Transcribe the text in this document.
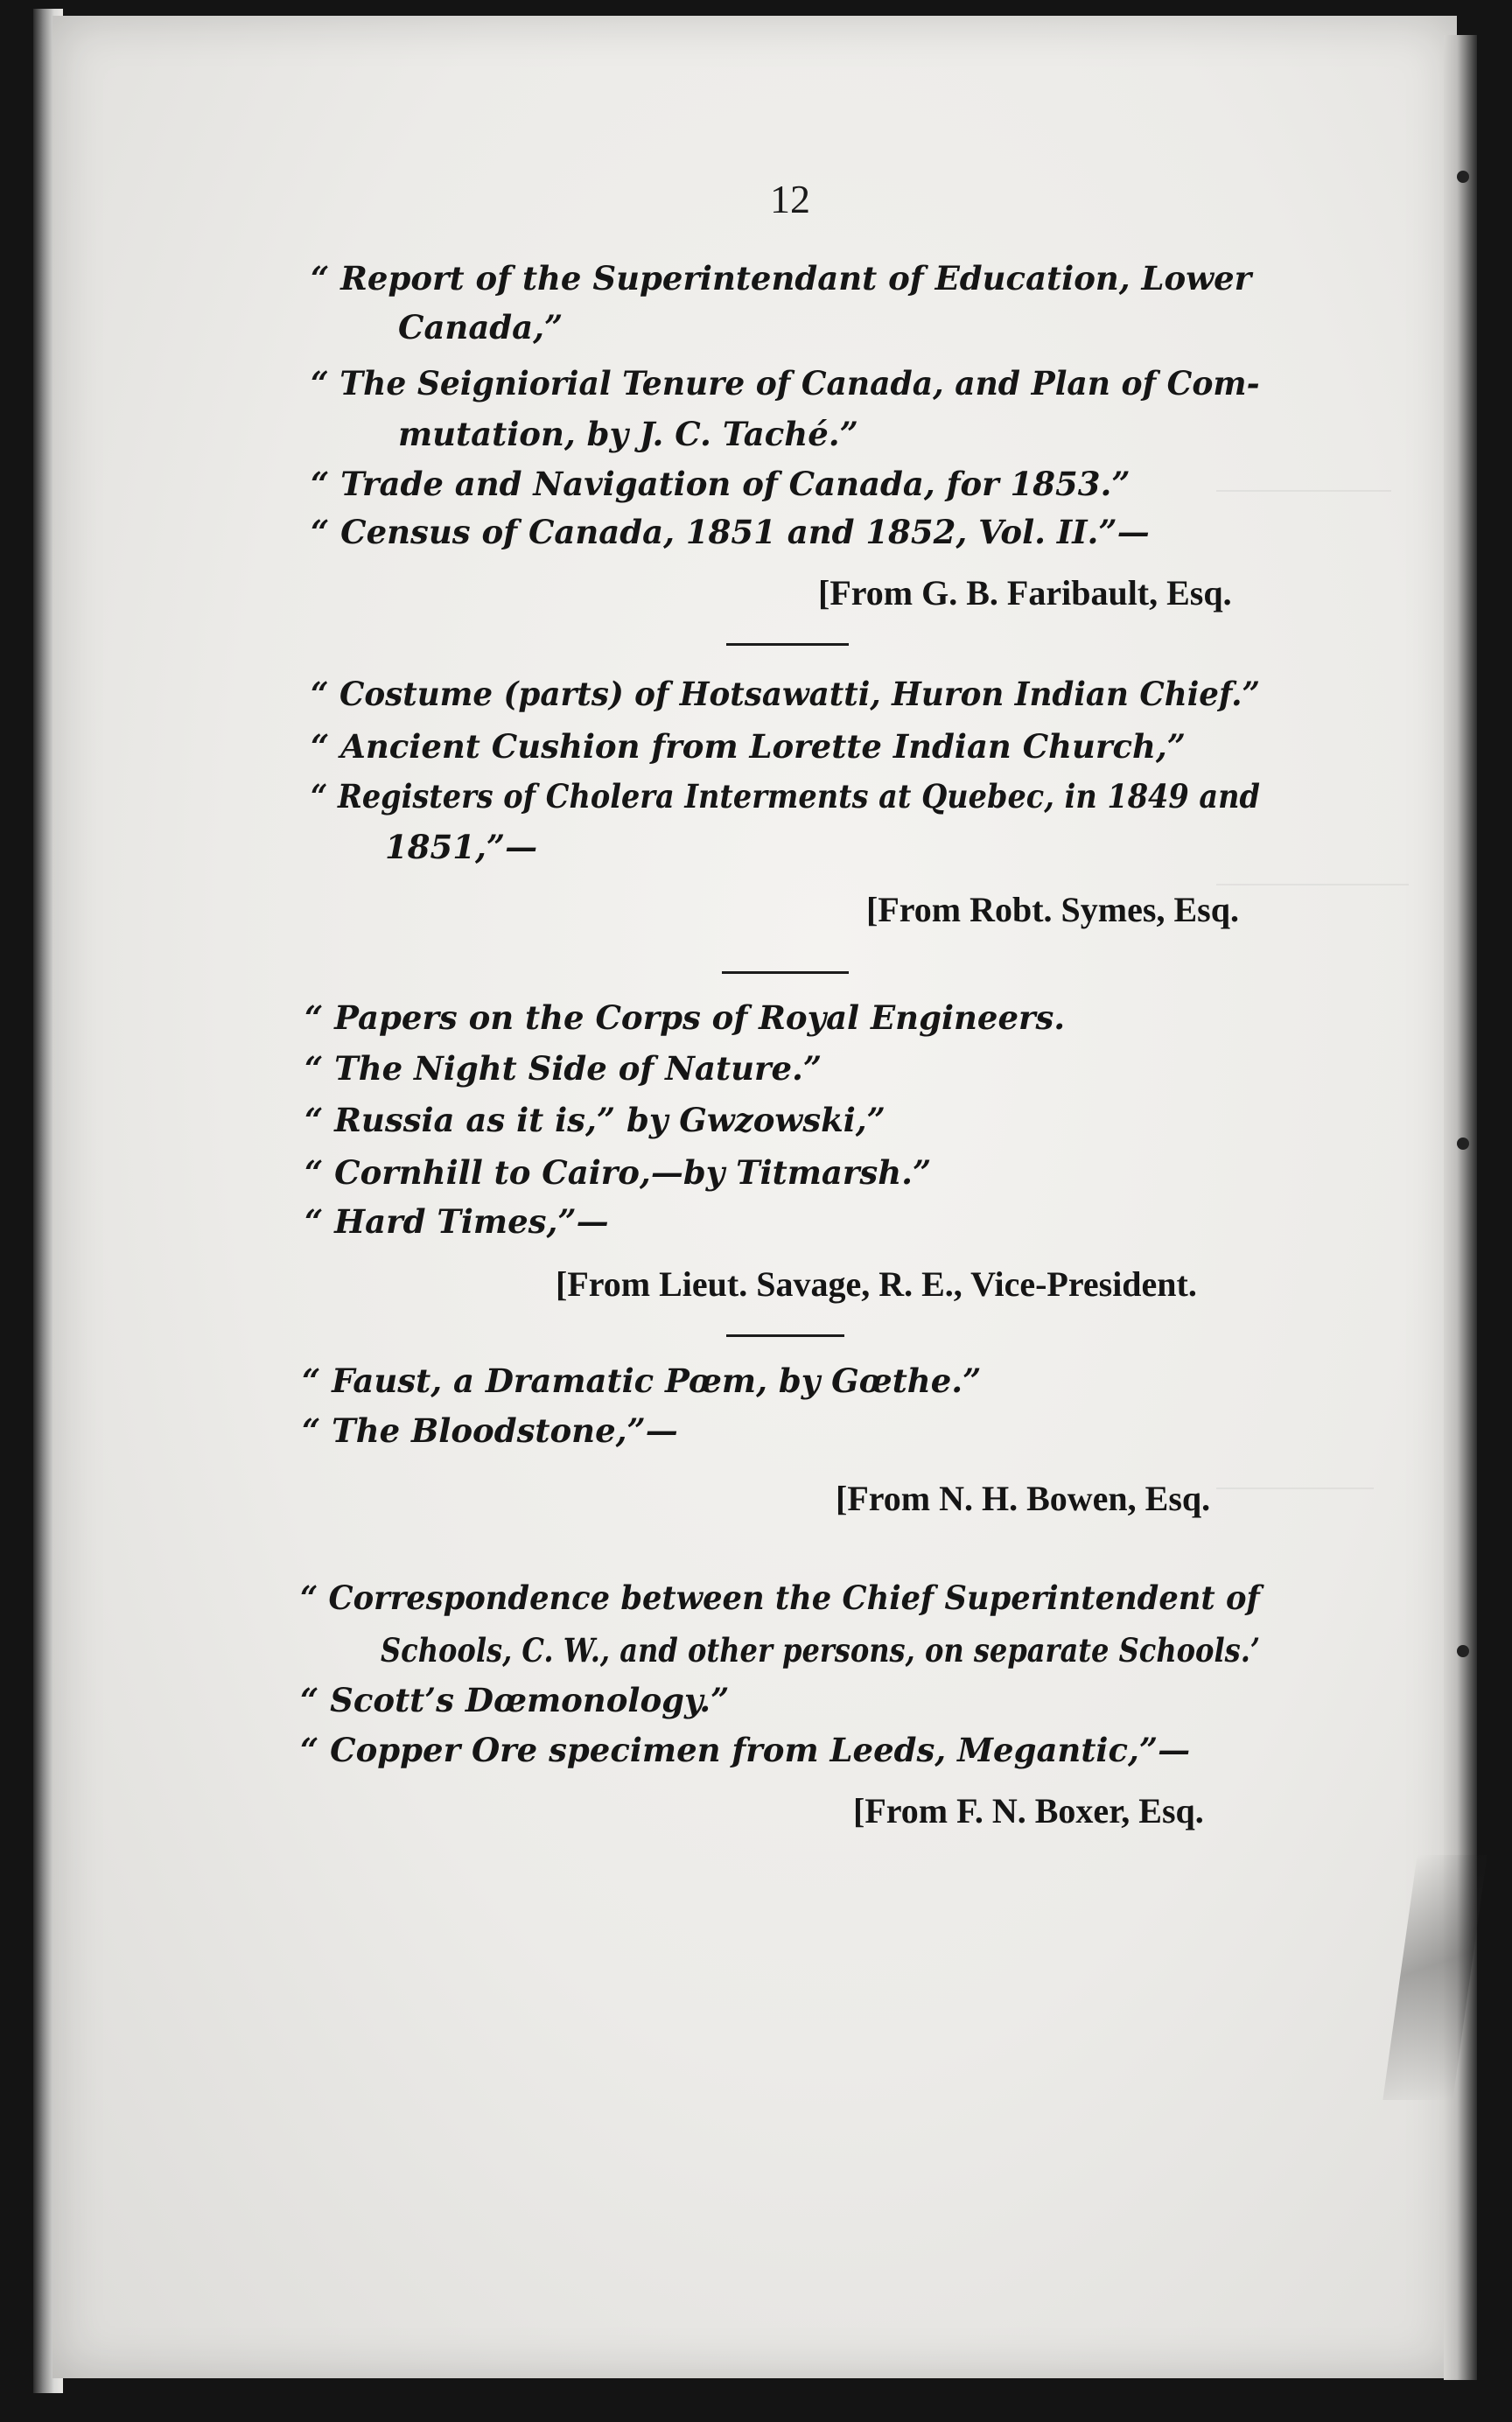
12
“ Report of the Superintendant of Education, Lower
Canada,”
“ The Seigniorial Tenure of Canada, and Plan of Com-
mutation, by J. C. Taché.”
“ Trade and Navigation of Canada, for 1853.”
“ Census of Canada, 1851 and 1852, Vol. II.”—
[From G. B. Faribault, Esq.
“ Costume (parts) of Hotsawatti, Huron Indian Chief.”
“ Ancient Cushion from Lorette Indian Church,”
“ Registers of Cholera Interments at Quebec, in 1849 and
1851,”—
[From Robt. Symes, Esq.
“ Papers on the Corps of Royal Engineers.
“ The Night Side of Nature.”
“ Russia as it is,” by Gwzowski,”
“ Cornhill to Cairo,—by Titmarsh.”
“ Hard Times,”—
[From Lieut. Savage, R. E., Vice-President.
“ Faust, a Dramatic Pœm, by Gœthe.”
“ The Bloodstone,”—
[From N. H. Bowen, Esq.
“ Correspondence between the Chief Superintendent of
Schools, C. W., and other persons, on separate Schools.’
“ Scott’s Dœmonology.”
“ Copper Ore specimen from Leeds, Megantic,”—
[From F. N. Boxer, Esq.
